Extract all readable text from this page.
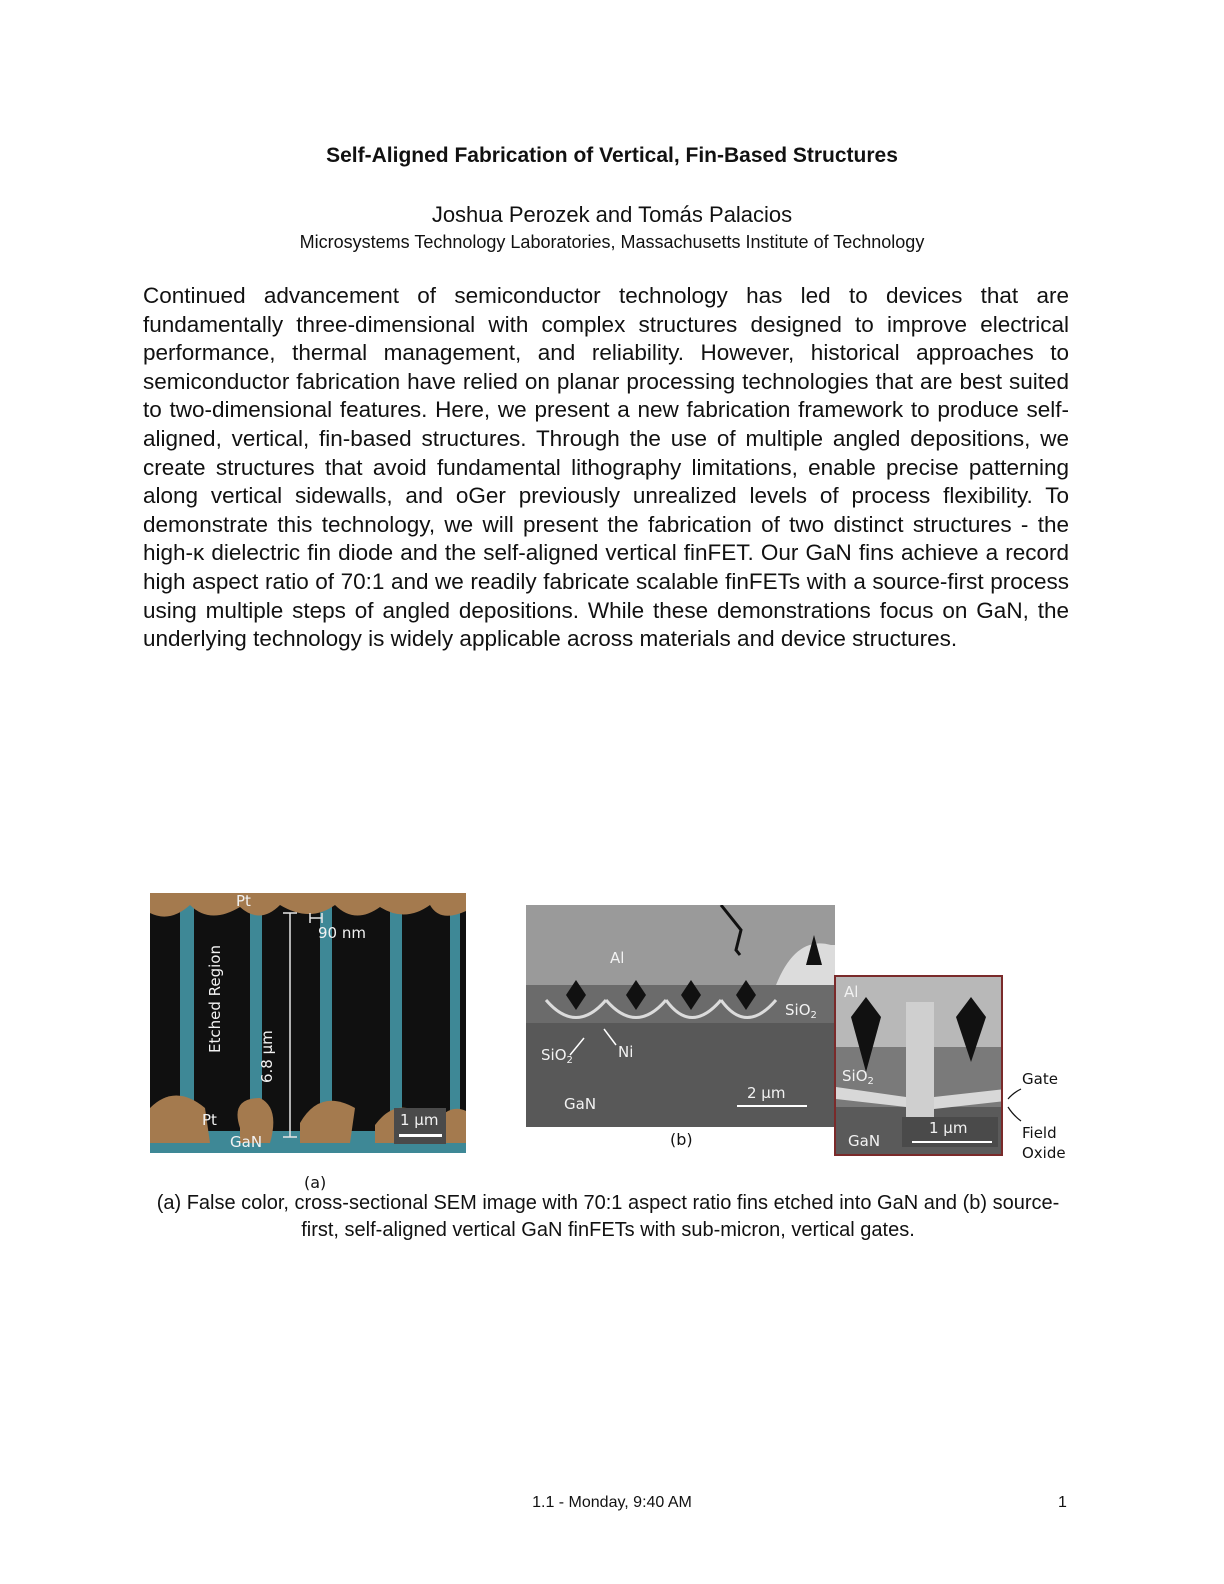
Self-Aligned Fabrication of Vertical, Fin-Based Structures
Joshua Perozek and Tomás Palacios
Microsystems Technology Laboratories, Massachusetts Institute of Technology

Continued advancement of semiconductor technology has led to devices that are fundamentally three-dimensional with complex structures designed to improve electrical performance, thermal management, and reliability. However, historical approaches to semiconductor fabrication have relied on planar processing technologies that are best suited to two-dimensional features. Here, we present a new fabrication framework to produce self-aligned, vertical, fin-based structures. Through the use of multiple angled depositions, we create structures that avoid fundamental lithography limitations, enable precise patterning along vertical sidewalls, and oGer previously unrealized levels of process flexibility. To demonstrate this technology, we will present the fabrication of two distinct structures - the high-κ dielectric fin diode and the self-aligned vertical finFET. Our GaN fins achieve a record high aspect ratio of 70:1 and we readily fabricate scalable finFETs with a source-first process using multiple steps of angled depositions. While these demonstrations focus on GaN, the underlying technology is widely applicable across materials and device structures.

Pt
90 nm
Etched Region
6.8 µm
Pt
GaN
1 µm
(a)
Al
SiO$_2$
SiO$_2$	Ni
GaN
2 µm
(b)
Al
SiO$_2$
GaN
1 µm
Gate
Field
Oxide

(a) False color, cross-sectional SEM image with 70:1 aspect ratio fins etched into GaN and (b) source-first, self-aligned vertical GaN finFETs with sub-micron, vertical gates.

1.1 - Monday, 9:40 AM	1
